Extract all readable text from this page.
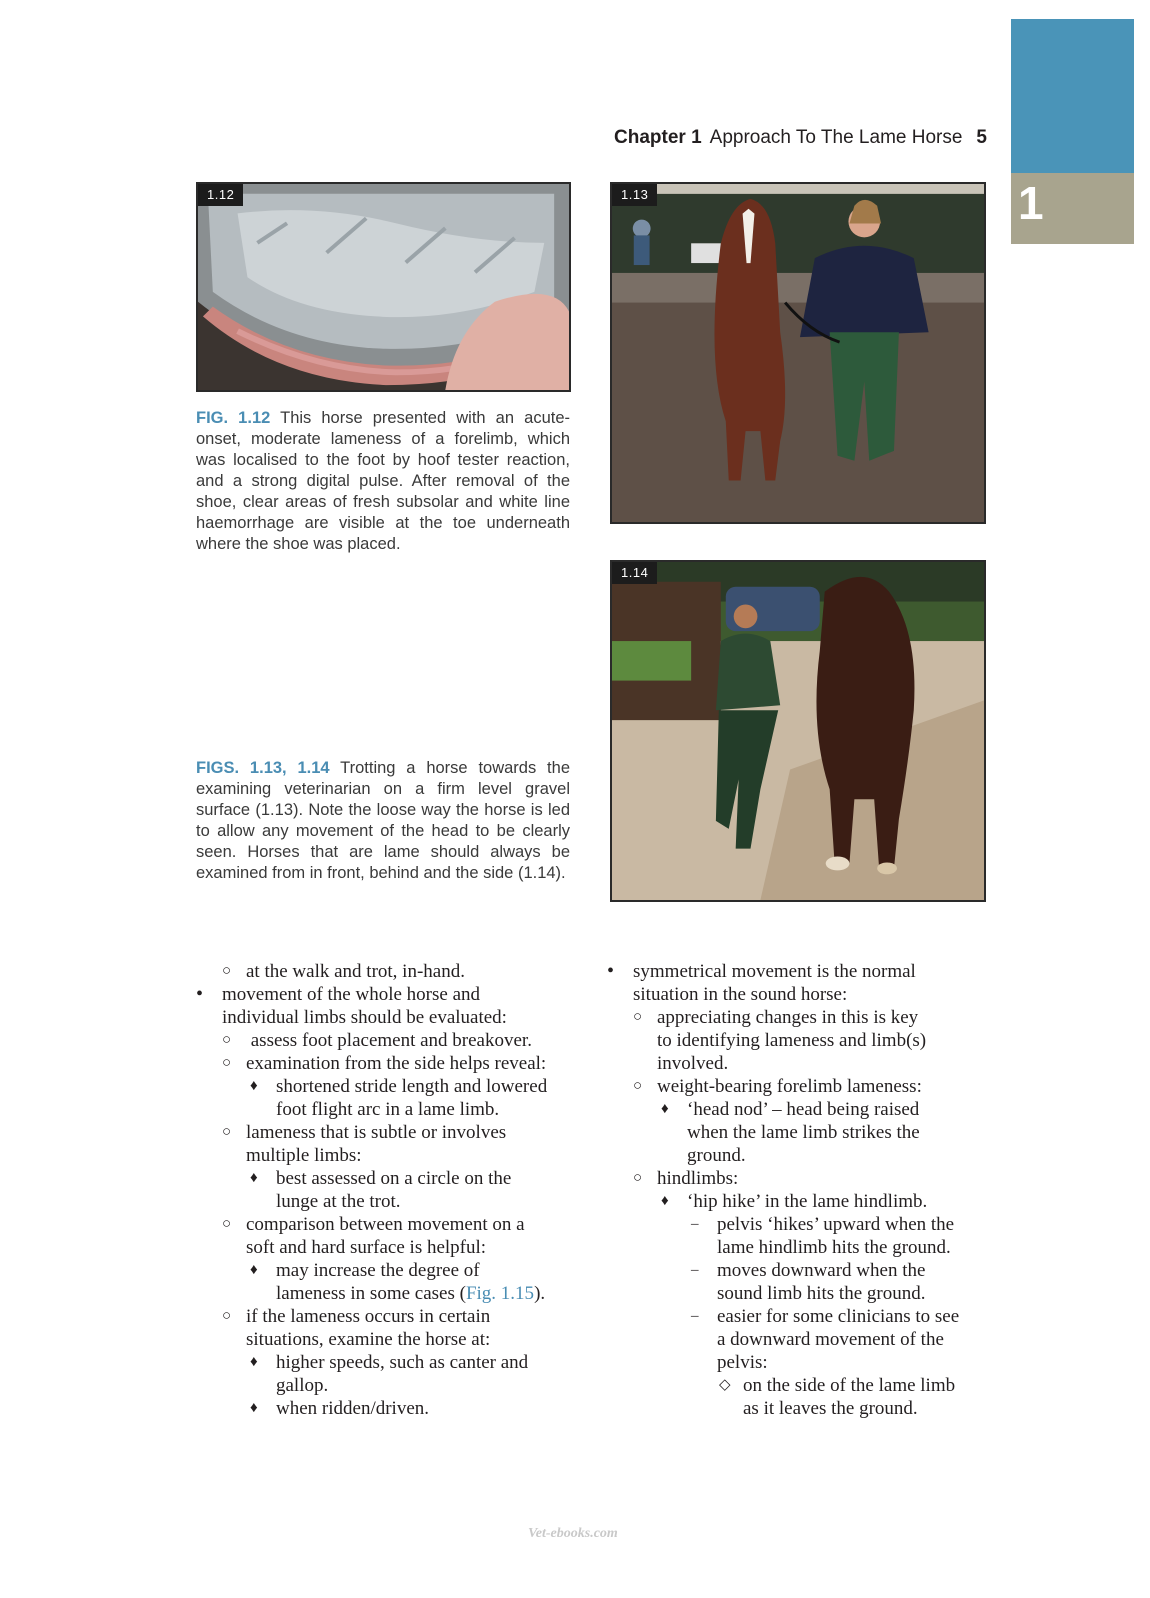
1
Chapter 1 Approach To The Lame Horse 5
1.12	1.13
1.14
FIG. 1.12 This horse presented with an acute-onset, moderate lameness of a forelimb, which was localised to the foot by hoof tester reaction, and a strong digital pulse. After removal of the shoe, clear areas of fresh subsolar and white line haemorrhage are visible at the toe underneath where the shoe was placed.
FIGS. 1.13, 1.14 Trotting a horse towards the examining veterinarian on a firm level gravel surface (1.13). Note the loose way the horse is led to allow any movement of the head to be clearly seen. Horses that are lame should always be examined from in front, behind and the side (1.14).
○ at the walk and trot, in-hand.
• movement of the whole horse and
individual limbs should be evaluated:
○ assess foot placement and breakover.
○ examination from the side helps reveal:
♦ shortened stride length and lowered
foot flight arc in a lame limb.
○ lameness that is subtle or involves
multiple limbs:
♦ best assessed on a circle on the
lunge at the trot.
○ comparison between movement on a
soft and hard surface is helpful:
♦ may increase the degree of
lameness in some cases (Fig. 1.15).
○ if the lameness occurs in certain
situations, examine the horse at:
♦ higher speeds, such as canter and
gallop.
♦ when ridden/driven.
• symmetrical movement is the normal
situation in the sound horse:
○ appreciating changes in this is key
to identifying lameness and limb(s)
involved.
○ weight-bearing forelimb lameness:
♦ ‘head nod’ – head being raised
when the lame limb strikes the
ground.
○ hindlimbs:
♦ ‘hip hike’ in the lame hindlimb.
– pelvis ‘hikes’ upward when the
lame hindlimb hits the ground.
– moves downward when the
sound limb hits the ground.
– easier for some clinicians to see
a downward movement of the
pelvis:
◇ on the side of the lame limb
as it leaves the ground.
Vet-ebooks.com
